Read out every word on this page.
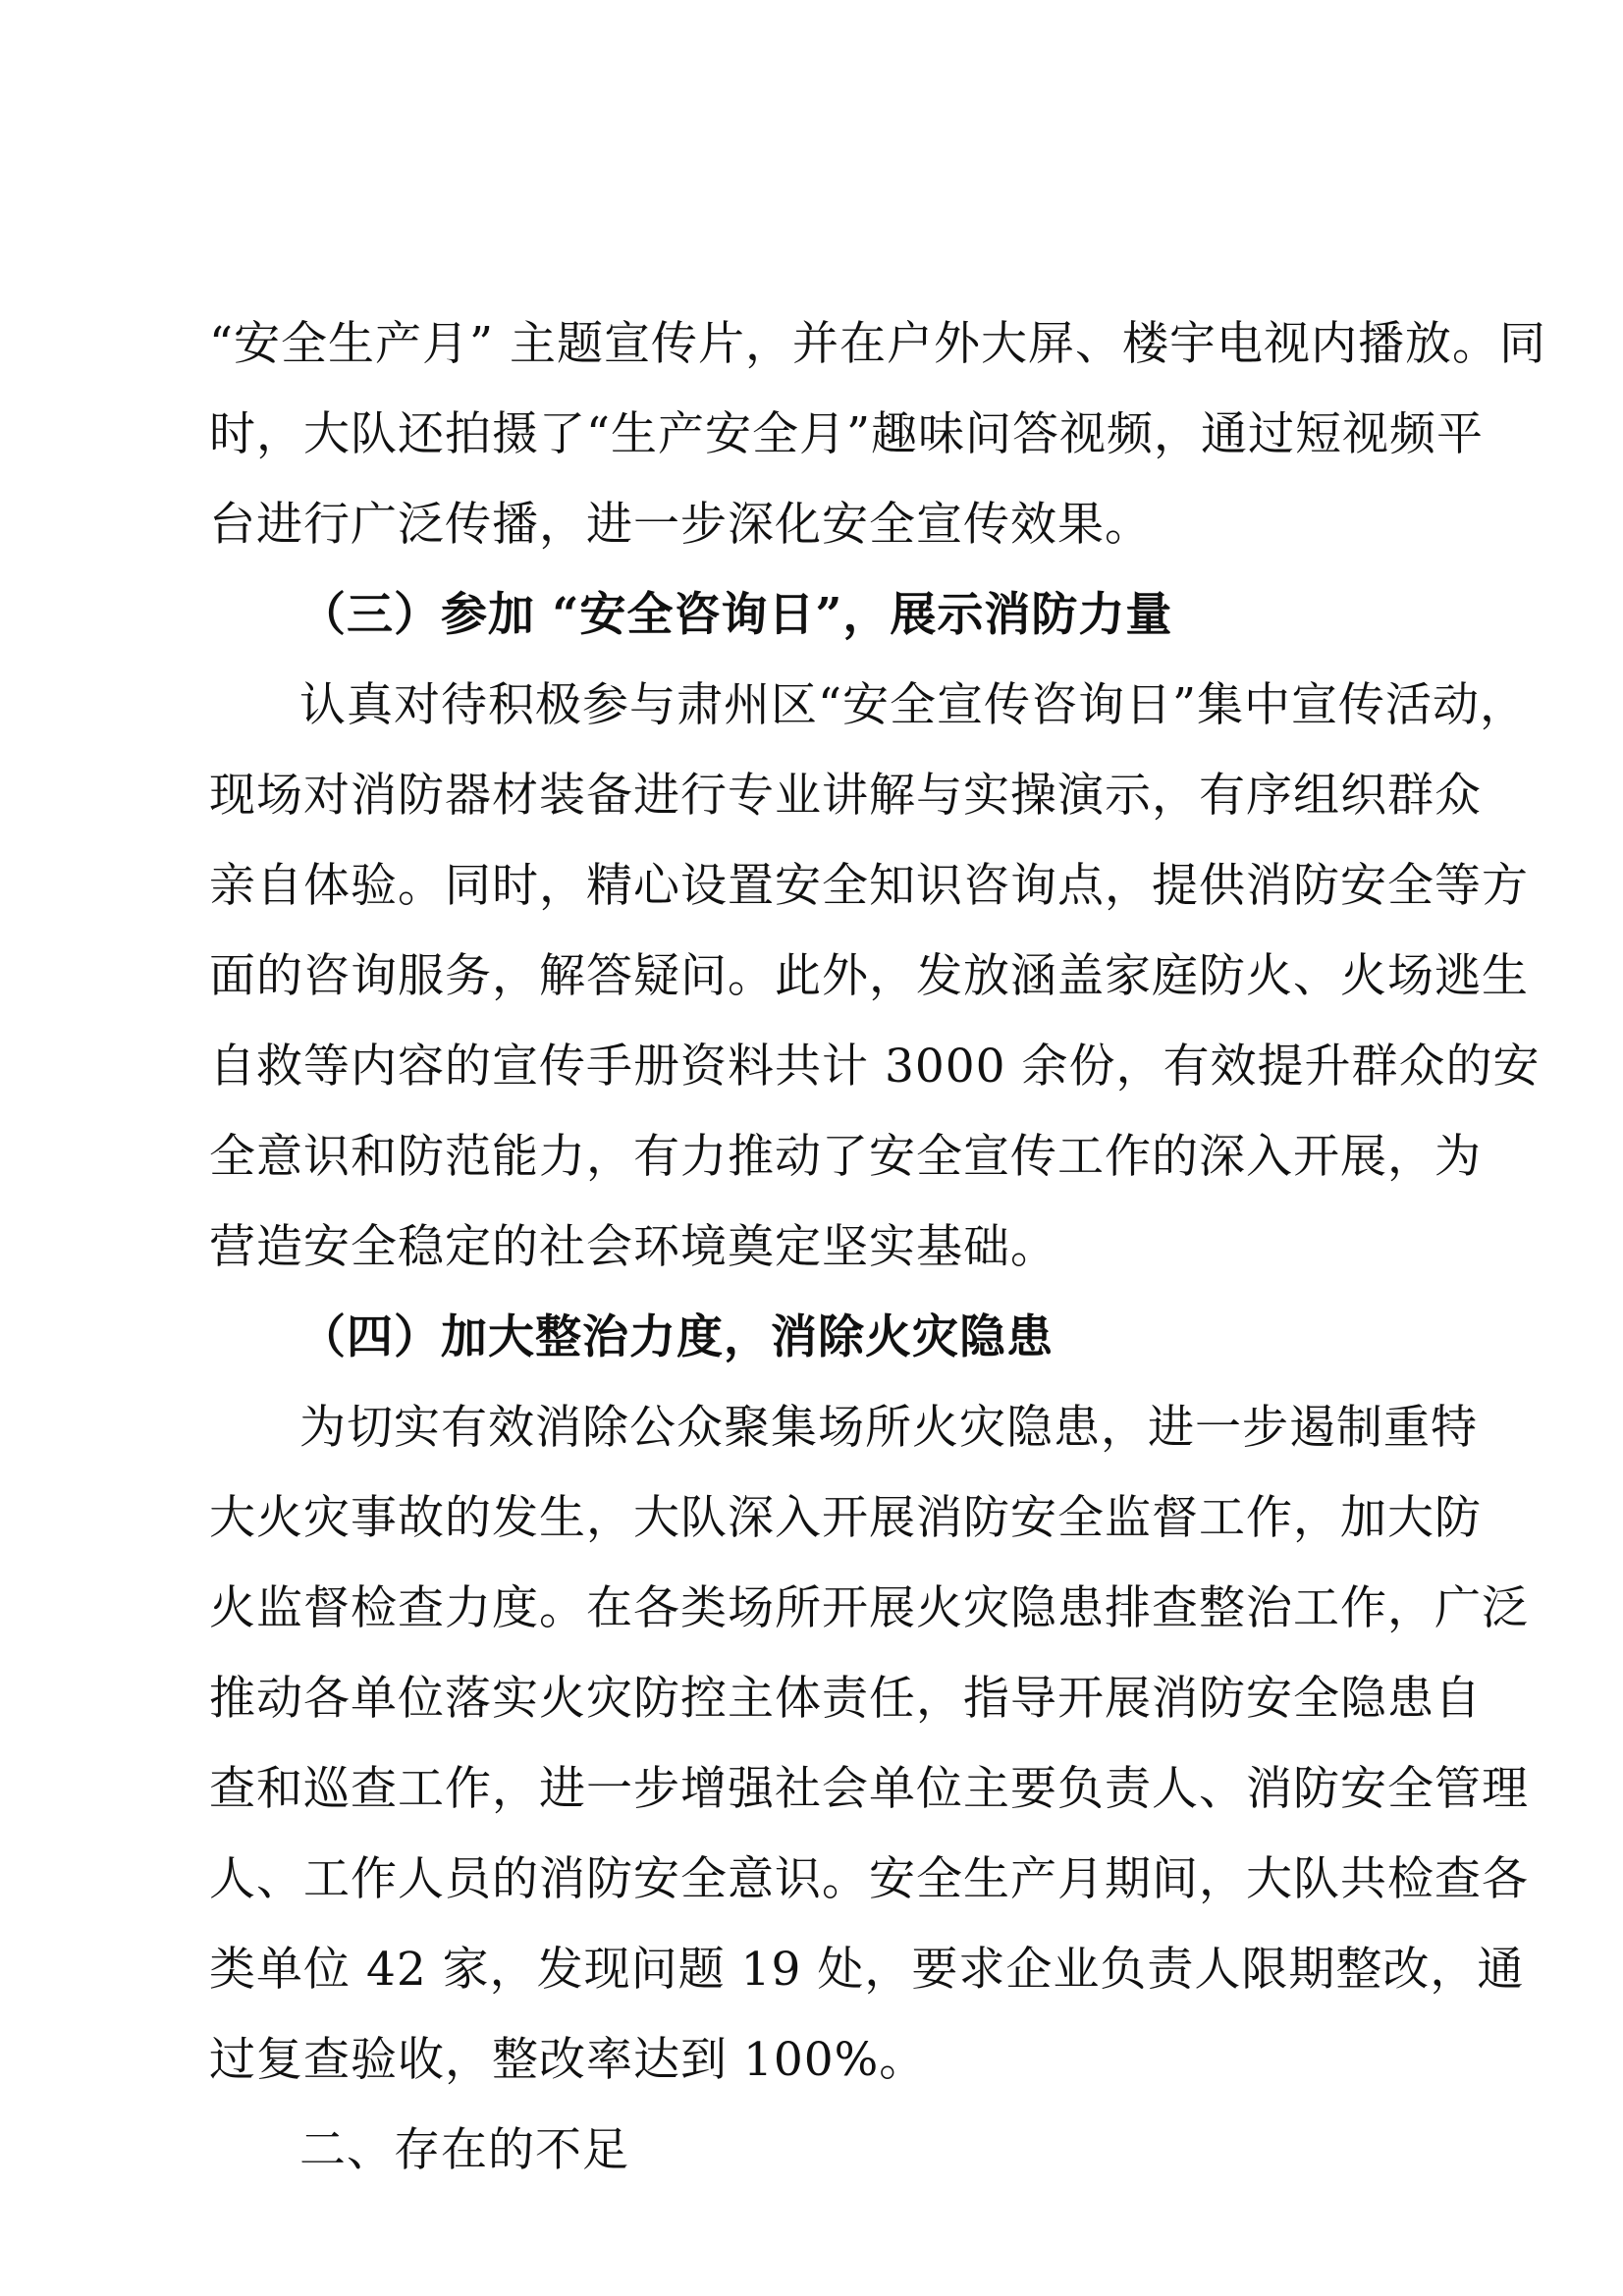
“安全生产月” 主题宣传片，并在户外大屏、楼宇电视内播放。同
时，大队还拍摄了“生产安全月”趣味问答视频，通过短视频平
台进行广泛传播，进一步深化安全宣传效果。
（三）参加 “安全咨询日”，展示消防力量
认真对待积极参与肃州区“安全宣传咨询日”集中宣传活动，
现场对消防器材装备进行专业讲解与实操演示，有序组织群众
亲自体验。同时，精心设置安全知识咨询点，提供消防安全等方
面的咨询服务，解答疑问。此外，发放涵盖家庭防火、火场逃生
自救等内容的宣传手册资料共计 3000 余份，有效提升群众的安
全意识和防范能力，有力推动了安全宣传工作的深入开展，为
营造安全稳定的社会环境奠定坚实基础。
（四）加大整治力度，消除火灾隐患
为切实有效消除公众聚集场所火灾隐患，进一步遏制重特
大火灾事故的发生，大队深入开展消防安全监督工作，加大防
火监督检查力度。在各类场所开展火灾隐患排查整治工作，广泛
推动各单位落实火灾防控主体责任，指导开展消防安全隐患自
查和巡查工作，进一步增强社会单位主要负责人、消防安全管理
人、工作人员的消防安全意识。安全生产月期间，大队共检查各
类单位 42 家，发现问题 19 处，要求企业负责人限期整改，通
过复查验收，整改率达到 100%。
二、存在的不足
